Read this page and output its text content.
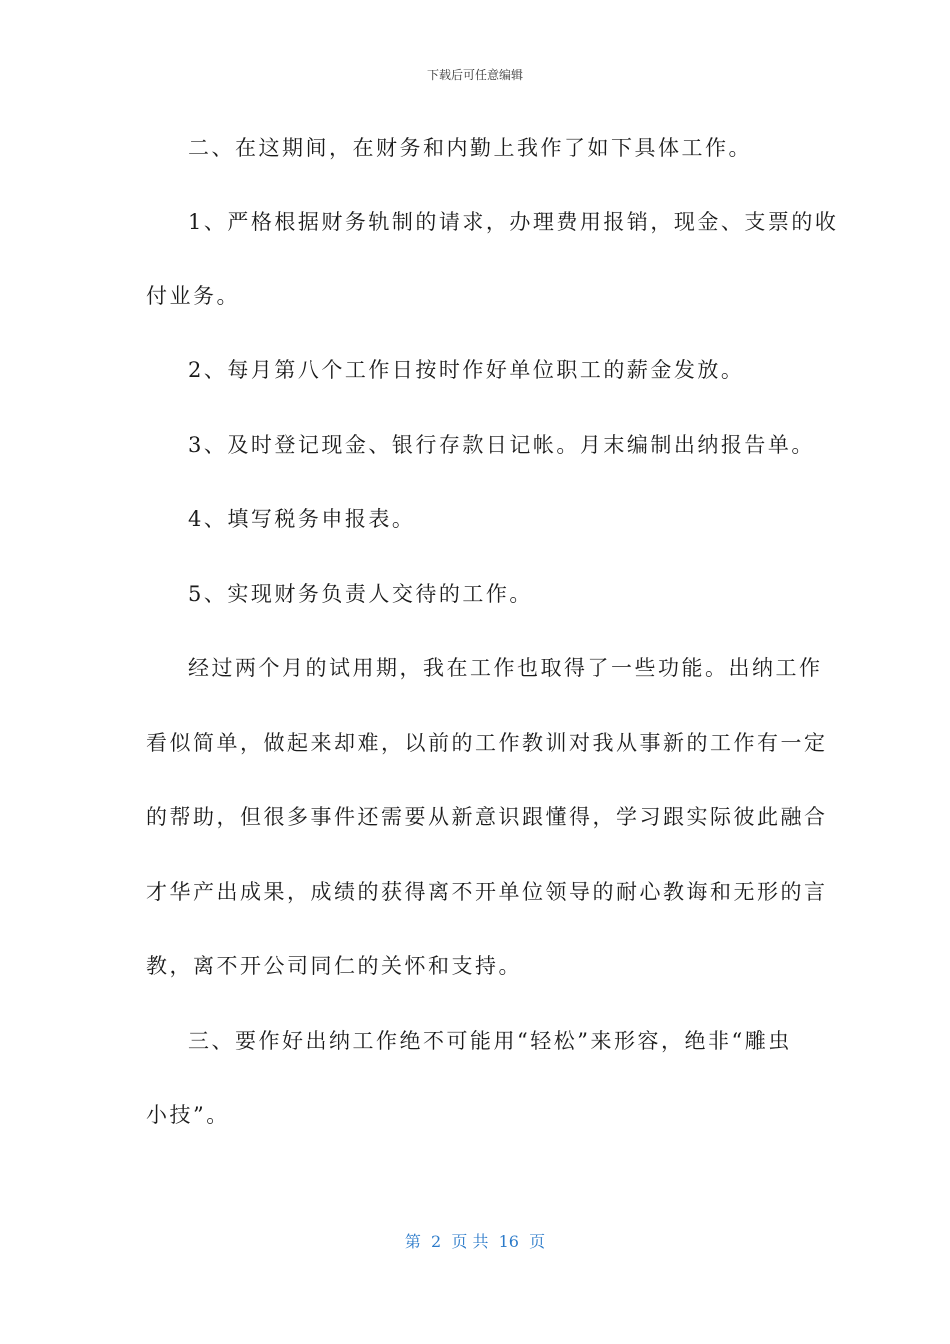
下载后可任意编辑
二、在这期间，在财务和内勤上我作了如下具体工作。
1、严格根据财务轨制的请求，办理费用报销，现金、支票的收
付业务。
2、每月第八个工作日按时作好单位职工的薪金发放。
3、及时登记现金、银行存款日记帐。月末编制出纳报告单。
4、填写税务申报表。
5、实现财务负责人交待的工作。
经过两个月的试用期，我在工作也取得了一些功能。出纳工作
看似简单，做起来却难，以前的工作教训对我从事新的工作有一定
的帮助，但很多事件还需要从新意识跟懂得，学习跟实际彼此融合
才华产出成果，成绩的获得离不开单位领导的耐心教诲和无形的言
教，离不开公司同仁的关怀和支持。
三、要作好出纳工作绝不可能用“轻松”来形容，绝非“雕虫
小技”。
第  2  页 共  16  页
